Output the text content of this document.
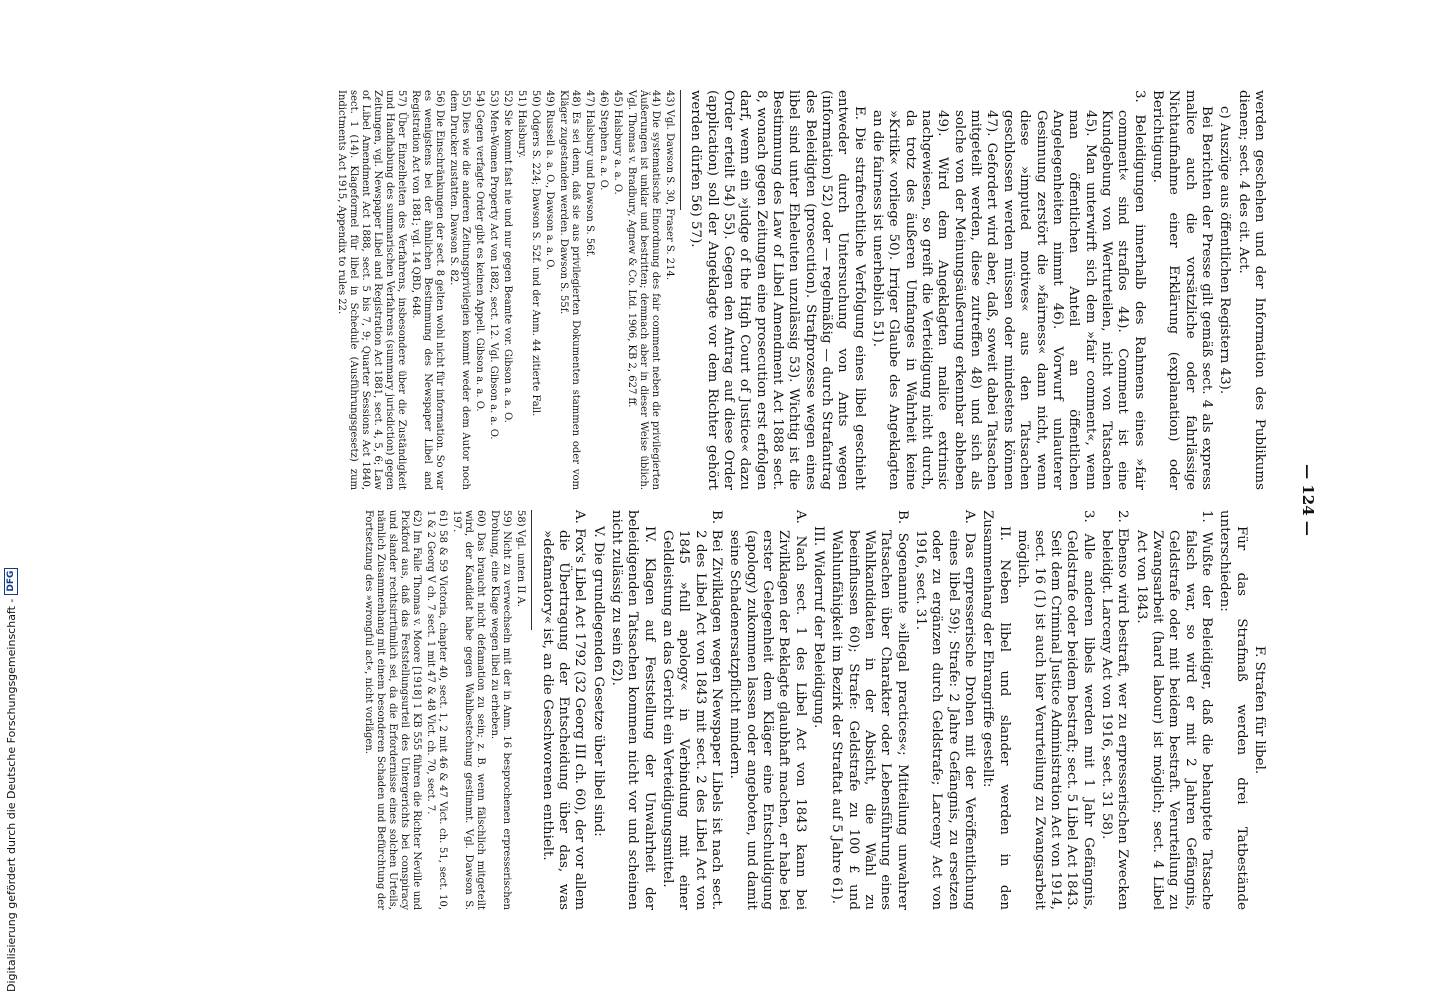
— 124 —

werden geschehen und der Information des Publikums dienen; sect. 4 des cit. Act.

c) Auszüge aus öffentlichen Registern 43).

Bei Berichten der Presse gilt gemäß sect. 4 als express malice auch die vorsätzliche oder fahrlässige Nichtaufnahme einer Erklärung (explanation) oder Berichtigung.

3. Beleidigungen innerhalb des Rahmens eines »fair comment« sind straflos 44). Comment ist eine Kundgebung von Werturteilen, nicht von Tatsachen 45). Man unterwirft sich dem »fair comment«, wenn man öffentlichen Anteil an öffentlichen Angelegenheiten nimmt 46). Vorwurf unlauterer Gesinnung zerstört die »fairness« dann nicht, wenn diese »imputed motives« aus den Tatsachen geschlossen werden müssen oder mindestens können 47). Gefordert wird aber, daß, soweit dabei Tatsachen mitgeteilt werden, diese zutreffen 48) und sich als solche von der Meinungsäußerung erkennbar abheben 49). Wird dem Angeklagten malice extrinsic nachgewiesen, so greift die Verteidigung nicht durch, da trotz des äußeren Umfanges in Wahrheit keine »Kritik« vorliege 50). Irriger Glaube des Angeklagten an die fairness ist unerheblich 51).

E. Die strafrechtliche Verfolgung eines libel geschieht entweder durch Untersuchung von Amts wegen (information) 52) oder — regelmäßig — durch Strafantrag des Beleidigten (prosecution). Strafprozesse wegen eines libel sind unter Eheleuten unzulässig 53). Wichtig ist die Bestimmung des Law of Libel Amendment Act 1888 sect. 8, wonach gegen Zeitungen eine prosecution erst erfolgen darf, wenn ein »judge of the High Court of Justice« dazu Order erteilt 54) 55). Gegen den Antrag auf diese Order (application) soll der Angeklagte vor dem Richter gehört werden dürfen 56) 57).

43) Vgl. Dawson S. 30, Fraser S. 214.

44) Die systematische Einordnung des fair comment neben die privilegierten Äußerungen ist unklar und bestritten; demnach aber in dieser Weise üblich. Vgl. Thomas v. Bradbury, Agnew & Co. Ltd. 1906, KB 2, 627 ff.

45) Halsbury a. a. O.

46) Stephen a. a. O.

47) Halsbury und Dawson S. 56f.

48) Es sei denn, daß sie aus privilegierten Dokumenten stammen oder vom Kläger zugestanden werden. Dawson S. 55f.

49) Russell a. a. O., Dawson a. a. O.

50) Odgers S. 224; Dawson S. 52f. und der Anm. 44 zitierte Fall.

51) Halsbury.

52) Sie kommt fast nie und nur gegen Beamte vor. Gibson a. a. O.

53) Men-Women Property Act von 1882, sect. 12. Vgl. Gibson a. a. O.

54) Gegen verfagte Order gibt es keinen Appell. Gibson a. a. O.

55) Dies wie die anderen Zeitungsprivilegien kommt weder dem Autor noch dem Drucker zustatten. Dawson S. 82.

56) Die Einschränkungen der sect. 8 gelten wohl nicht für information. So war es wenigstens bei der ähnlichen Bestimmung des Newspaper Libel and Registration Act von 1881; vgl. 14 QBD, 648.

57) Über Einzelheiten des Verfahrens, insbesondere über die Zuständigkeit und Handhabung des summarischen Verfahrens (summary jurisdiction) gegen Zeitungen, vgl. Newspaper Libel and Registration Act 1881, sect. 4, 5, 6; Law of Libel Amendment Act 1888, sect. 5 bis 7, 9; Quarter Sessions Act 1840, sect. 1 (14). Klageformel für libel in Schedule (Ausführungsgesetz) zum Indictments Act 1915, Appendix to rules 22.

F. Strafen für libel.

Für das Strafmaß werden drei Tatbestände unterschieden:

1. Wußte der Beleidiger, daß die behauptete Tatsache falsch war, so wird er mit 2 Jahren Gefängnis, Geldstrafe oder mit beidem bestraft. Verurteilung zu Zwangsarbeit (hard labour) ist möglich; sect. 4 Libel Act von 1843.

2. Ebenso wird bestraft, wer zu erpresserischen Zwecken beleidigt. Larceny Act von 1916, sect. 31 58).

3. Alle anderen libels werden mit 1 Jahr Gefängnis, Geldstrafe oder beidem bestraft; sect. 5 Libel Act 1843. Seit dem Criminal Justice Administration Act von 1914, sect. 16 (1) ist auch hier Verurteilung zu Zwangsarbeit möglich.

II. Neben libel und slander werden in den Zusammenhang der Ehrangriffe gestellt:

A. Das erpresserische Drohen mit der Veröffentlichung eines libel 59); Strafe: 2 Jahre Gefängnis, zu ersetzen oder zu ergänzen durch Geldstrafe; Larceny Act von 1916, sect. 31.

B. Sogenannte »illegal practices«; Mitteilung unwahrer Tatsachen über Charakter oder Lebensführung eines Wahlkandidaten in der Absicht, die Wahl zu beeinflussen 60); Strafe: Geldstrafe zu 100 £ und Wahlunfähigkeit im Bezirk der Straftat auf 5 Jahre 61).

III. Widerruf der Beleidigung.

A. Nach sect. 1 des Libel Act von 1843 kann bei Zivilklagen der Beklagte glaubhaft machen, er habe bei erster Gelegenheit dem Kläger eine Entschuldigung (apology) zukommen lassen oder angeboten, und damit seine Schadenersatzpflicht mindern.

B. Bei Zivilklagen wegen Newspaper Libels ist nach sect. 2 des Libel Act von 1843 mit sect. 2 des Libel Act von 1845 »full apology« in Verbindung mit einer Geldleistung an das Gericht ein Verteidigungsmittel.

IV. Klagen auf Feststellung der Unwahrheit der beleidigenden Tatsachen kommen nicht vor und scheinen nicht zulässig zu sein 62).

V. Die grundlegenden Gesetze über libel sind:

A. Fox's Libel Act 1792 (32 Georg III ch. 60), der vor allem die Übertragung der Entscheidung über das, was »defamatory« ist, an die Geschworenen enthielt.

58) Vgl. unten II A.

59) Nicht zu verwechseln mit der in Anm. 16 besprochenen erpresserischen Drohung, eine Klage wegen libel zu erheben.

60) Das braucht nicht defamation zu sein; z. B. wenn fälschlich mitgeteilt wird, der Kandidat habe gegen Wahlbestechung gestimmt. Vgl. Dawson S. 197.

61) 58 & 59 Victoria, chapter 40, sect. 1, 2 mit 46 & 47 Vict. ch. 51, sect. 10, 1 & 2 Georg V ch. 7 sect. 1 mit 47 & 48 Vict. ch. 70, sect. 7.

62) Im Falle Thomas v. Moore [1918] 1 KB 555 führen die Richter Neville und Pickford aus, daß das Feststellungsurteil des Untergerichts bei conspiracy und slander rechtsirrtümlich sei, da die Erfordernisse eines solchen Urteils, nämlich Zusammenhang mit einem besonderen Schaden und Befürchtung der Fortsetzung des »wrongful act«, nicht vorlägen.

Digitalisierung gefördert durch die Deutsche Forschungsgemeinschaft -
DFG
